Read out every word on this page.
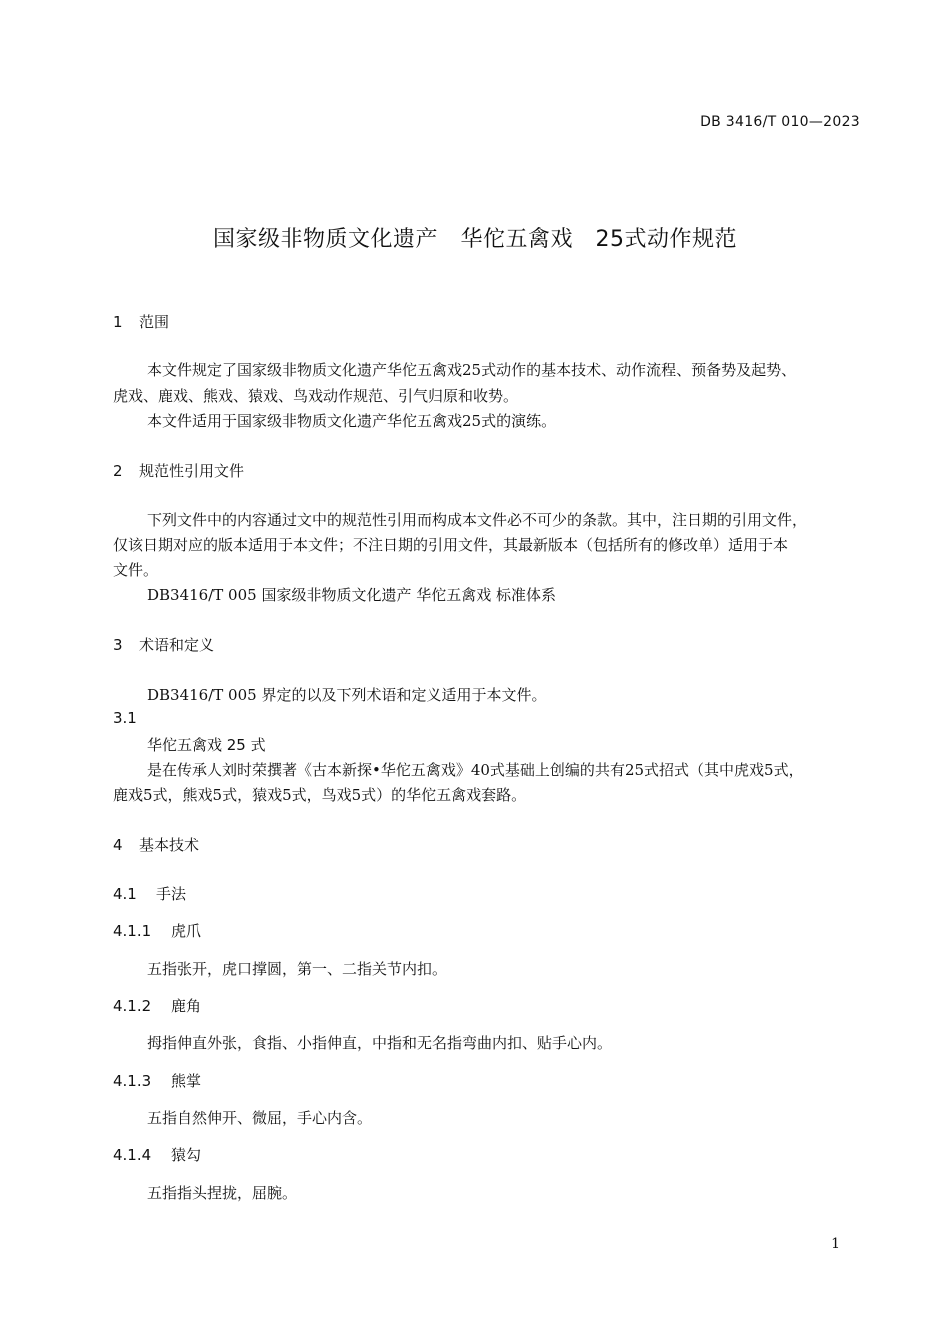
DB 3416/T 010—2023
国家级非物质文化遗产　华佗五禽戏　25式动作规范
1 范围
本文件规定了国家级非物质文化遗产华佗五禽戏25式动作的基本技术、动作流程、预备势及起势、
虎戏、鹿戏、熊戏、猿戏、鸟戏动作规范、引气归原和收势。
本文件适用于国家级非物质文化遗产华佗五禽戏25式的演练。
2 规范性引用文件
下列文件中的内容通过文中的规范性引用而构成本文件必不可少的条款。其中，注日期的引用文件，
仅该日期对应的版本适用于本文件；不注日期的引用文件，其最新版本（包括所有的修改单）适用于本
文件。
DB3416/T 005 国家级非物质文化遗产 华佗五禽戏 标准体系
3 术语和定义
DB3416/T 005 界定的以及下列术语和定义适用于本文件。
3.1
华佗五禽戏 25 式
是在传承人刘时荣撰著《古本新探•华佗五禽戏》40式基础上创编的共有25式招式（其中虎戏5式，
鹿戏5式，熊戏5式，猿戏5式，鸟戏5式）的华佗五禽戏套路。
4 基本技术
4.1 手法
4.1.1 虎爪
五指张开，虎口撑圆，第一、二指关节内扣。
4.1.2 鹿角
拇指伸直外张，食指、小指伸直，中指和无名指弯曲内扣、贴手心内。
4.1.3 熊掌
五指自然伸开、微屈，手心内含。
4.1.4 猿勾
五指指头捏拢，屈腕。
1
